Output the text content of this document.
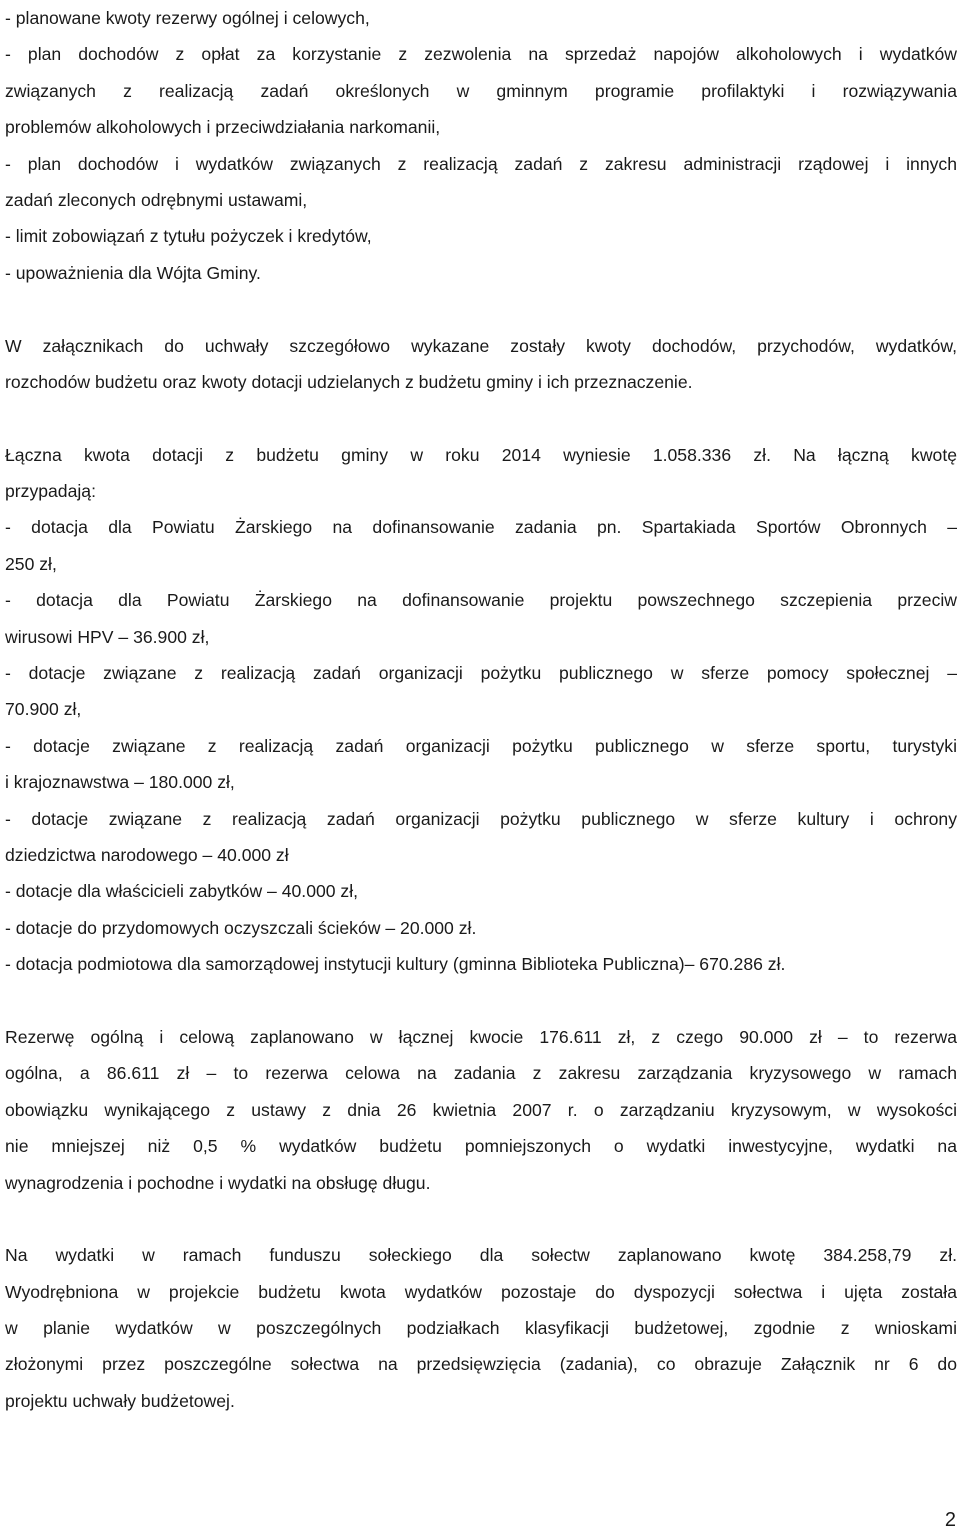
- planowane kwoty rezerwy ogólnej i celowych,
- plan dochodów z opłat za korzystanie z zezwolenia na sprzedaż napojów alkoholowych i wydatków
związanych z realizacją zadań określonych w gminnym programie profilaktyki i rozwiązywania
problemów alkoholowych i przeciwdziałania narkomanii,
- plan dochodów i wydatków związanych z realizacją zadań z zakresu administracji rządowej i innych
zadań zleconych odrębnymi ustawami,
- limit zobowiązań z tytułu pożyczek i kredytów,
- upoważnienia dla Wójta Gminy.
W załącznikach do uchwały szczegółowo wykazane zostały kwoty dochodów, przychodów, wydatków,
rozchodów budżetu oraz kwoty dotacji udzielanych z budżetu gminy i ich przeznaczenie.
Łączna kwota dotacji z budżetu gminy w roku 2014 wyniesie 1.058.336 zł. Na łączną kwotę
przypadają:
- dotacja dla Powiatu Żarskiego na dofinansowanie zadania pn. Spartakiada Sportów Obronnych –
250 zł,
- dotacja dla Powiatu Żarskiego na dofinansowanie projektu powszechnego szczepienia przeciw
wirusowi HPV – 36.900 zł,
- dotacje związane z realizacją zadań organizacji pożytku publicznego w sferze pomocy społecznej –
70.900 zł,
- dotacje związane z realizacją zadań organizacji pożytku publicznego w sferze sportu, turystyki
i krajoznawstwa – 180.000 zł,
- dotacje związane z realizacją zadań organizacji pożytku publicznego w sferze kultury i ochrony
dziedzictwa narodowego – 40.000 zł
- dotacje dla właścicieli zabytków – 40.000 zł,
- dotacje do przydomowych oczyszczali ścieków – 20.000 zł.
- dotacja podmiotowa dla samorządowej instytucji kultury (gminna Biblioteka Publiczna)– 670.286 zł.
Rezerwę ogólną i celową zaplanowano w łącznej kwocie 176.611 zł, z czego 90.000 zł – to rezerwa
ogólna, a 86.611 zł – to rezerwa celowa na zadania z zakresu zarządzania kryzysowego w ramach
obowiązku wynikającego z ustawy z dnia 26 kwietnia 2007 r. o zarządzaniu kryzysowym, w wysokości
nie mniejszej niż 0,5 % wydatków budżetu pomniejszonych o wydatki inwestycyjne, wydatki na
wynagrodzenia i pochodne i wydatki na obsługę długu.
Na wydatki w ramach funduszu sołeckiego dla sołectw zaplanowano kwotę 384.258,79 zł.
Wyodrębniona w projekcie budżetu kwota wydatków pozostaje do dyspozycji sołectwa i ujęta została
w planie wydatków w poszczególnych podziałkach klasyfikacji budżetowej, zgodnie z wnioskami
złożonymi przez poszczególne sołectwa na przedsięwzięcia (zadania), co obrazuje Załącznik nr 6 do
projektu uchwały budżetowej.
2
